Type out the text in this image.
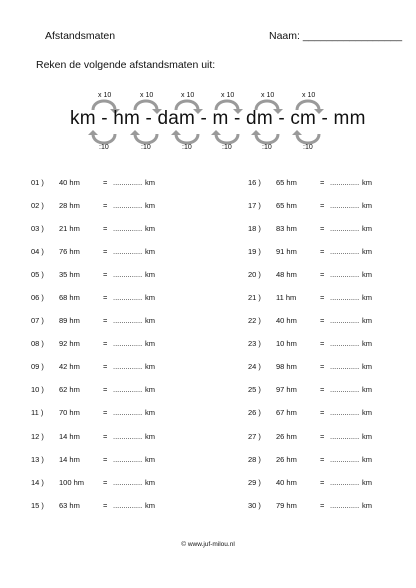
Afstandsmaten	Naam: _________________
Reken de volgende afstandsmaten uit:
x 10
:10
x 10
:10
x 10
:10
x 10
:10
x 10
:10
x 10
:10
km - hm - dam - m - dm - cm - mm
01 ) 40 hm	= .............. km
02 ) 28 hm	= .............. km
03 ) 21 hm	= .............. km
04 ) 76 hm	= .............. km
05 ) 35 hm	= .............. km
06 ) 68 hm	= .............. km
07 ) 89 hm	= .............. km
08 ) 92 hm	= .............. km
09 ) 42 hm	= .............. km
10 ) 62 hm	= .............. km
11 ) 70 hm	= .............. km
12 ) 14 hm	= .............. km
13 ) 14 hm	= .............. km
14 ) 100 hm	= .............. km
15 ) 63 hm	= .............. km
16 ) 65 hm	= .............. km
17 ) 65 hm	= .............. km
18 ) 83 hm	= .............. km
19 ) 91 hm	= .............. km
20 ) 48 hm	= .............. km
21 ) 11 hm	= .............. km
22 ) 40 hm	= .............. km
23 ) 10 hm	= .............. km
24 ) 98 hm	= .............. km
25 ) 97 hm	= .............. km
26 ) 67 hm	= .............. km
27 ) 26 hm	= .............. km
28 ) 26 hm	= .............. km
29 ) 40 hm	= .............. km
30 ) 79 hm	= .............. km
© www.juf-milou.nl
